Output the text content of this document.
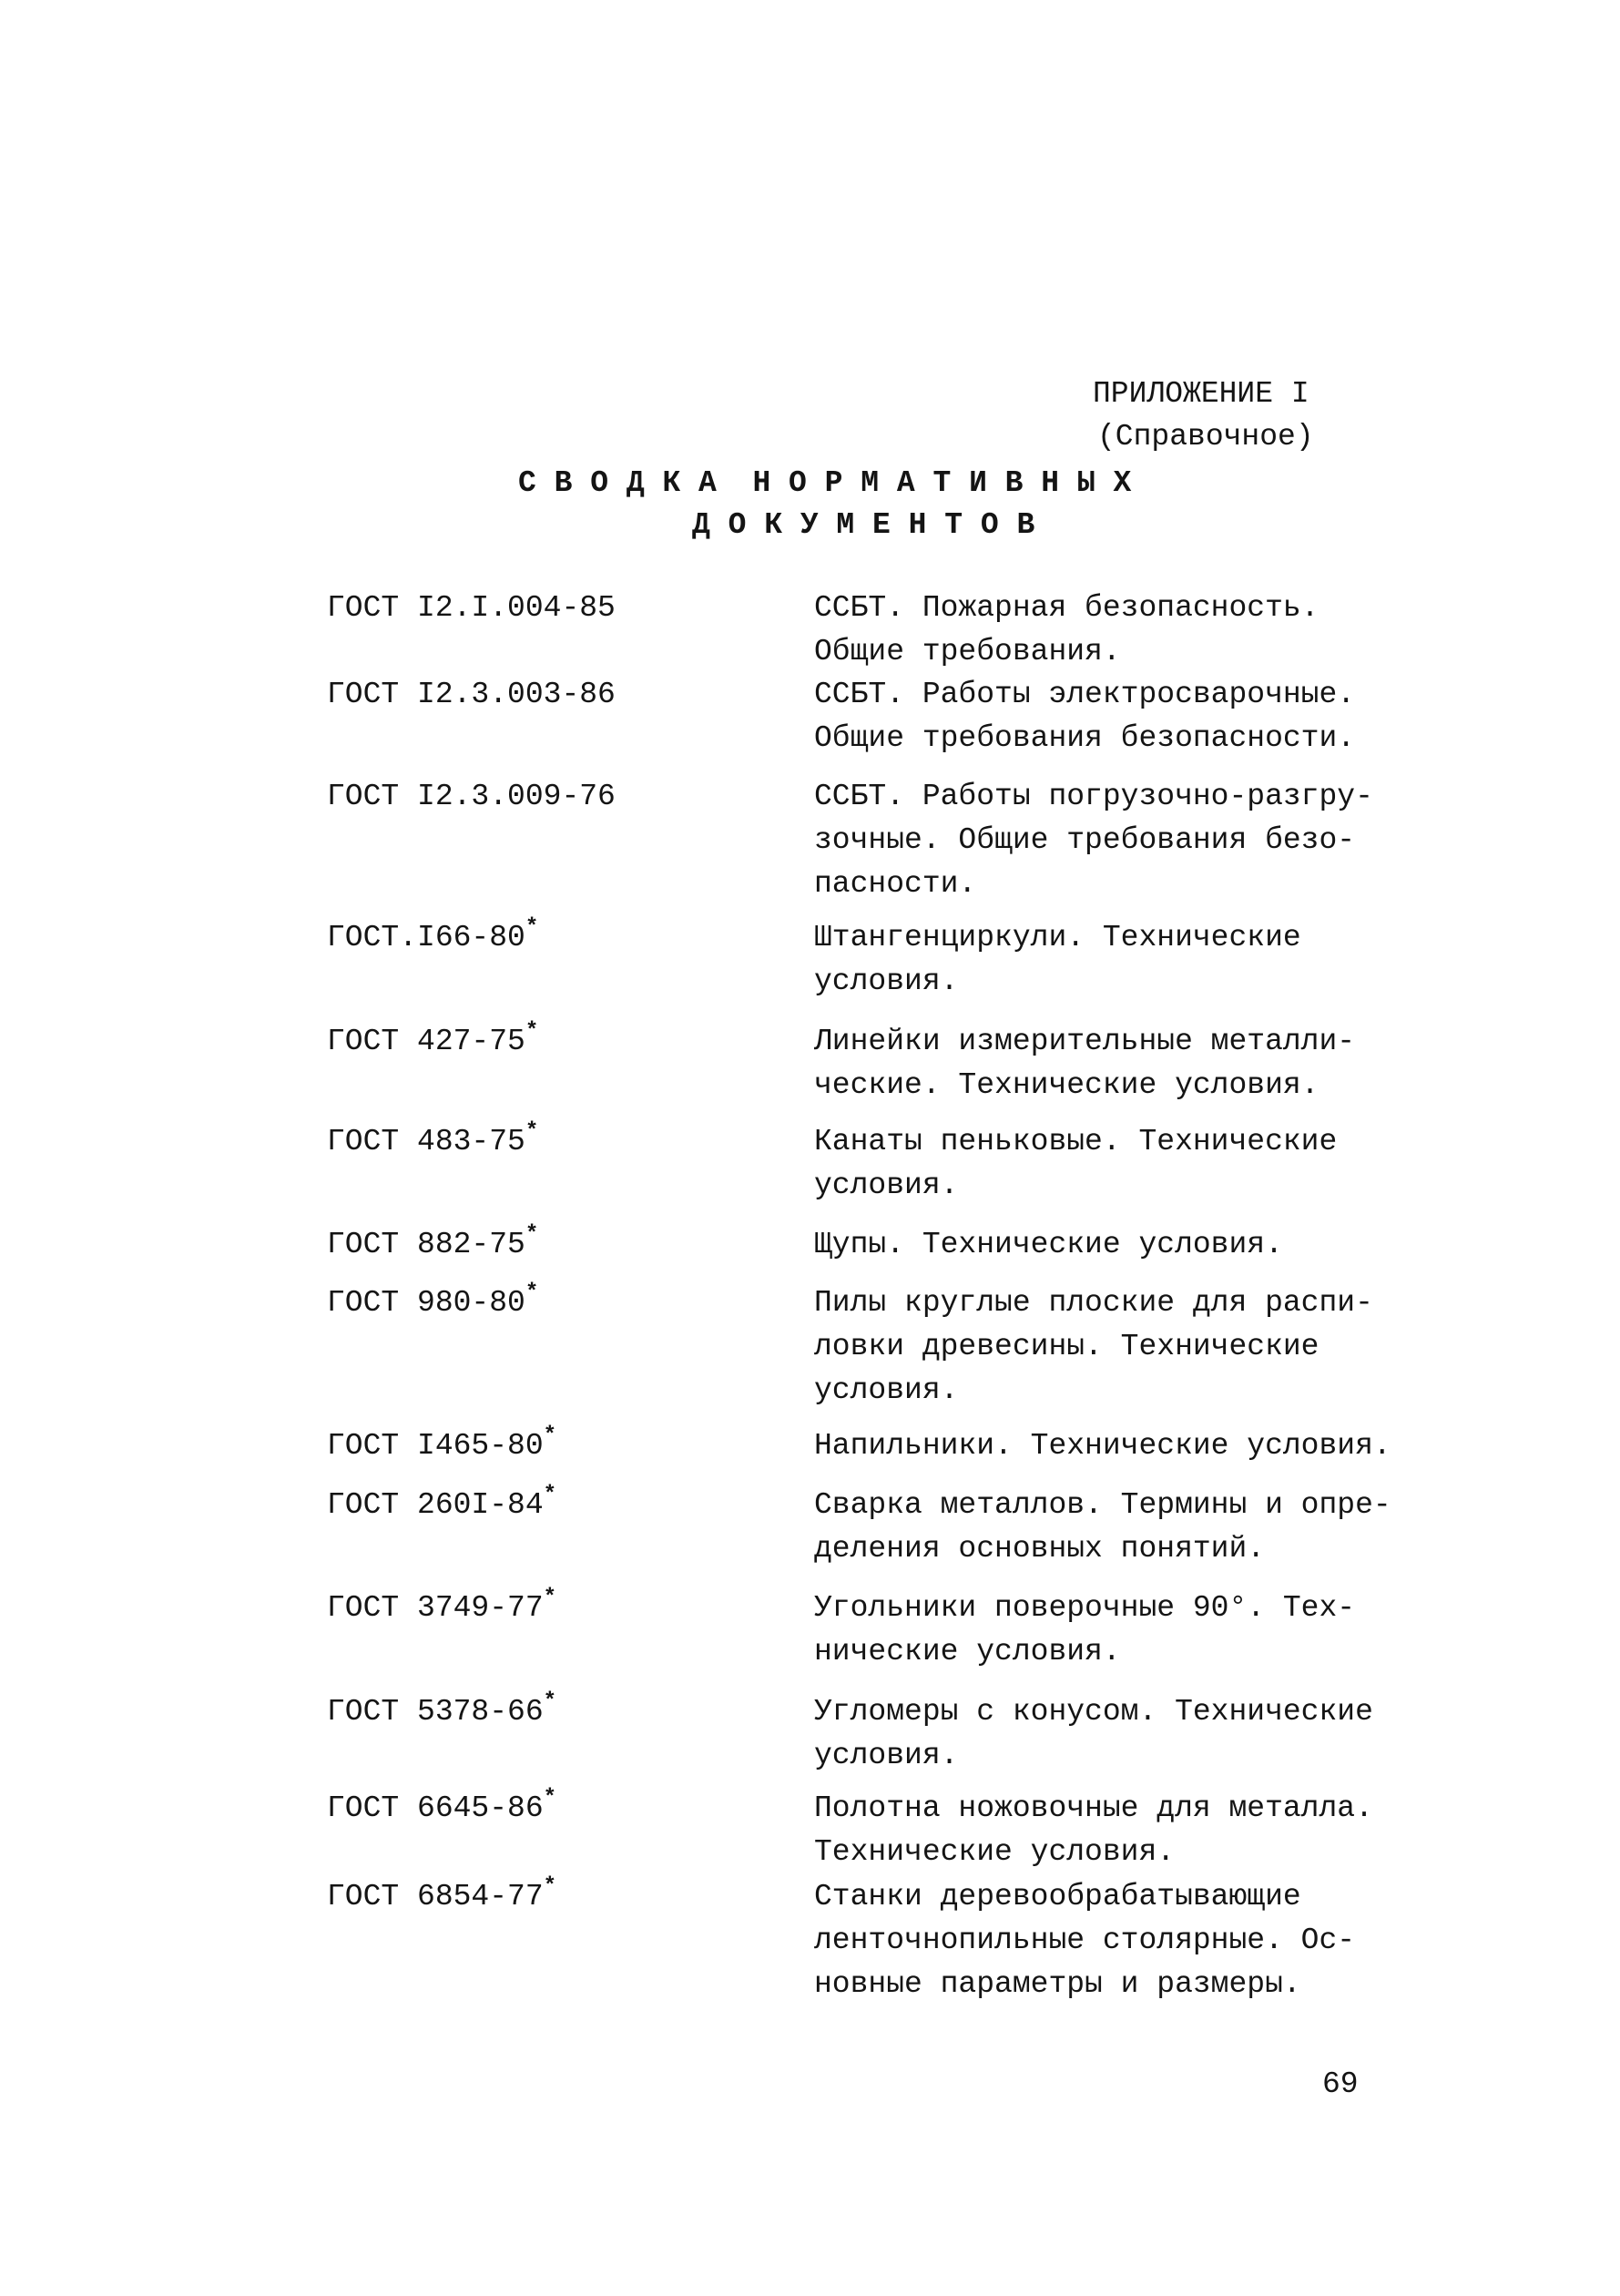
ПРИЛОЖЕНИЕ I
(Справочное)
С В О Д К А  Н О Р М А Т И В Н Ы Х
Д О К У М Е Н Т О В
ГОСТ I2.I.004-85	ССБТ. Пожарная безопасность.
Общие требования.
ГОСТ I2.3.003-86	ССБТ. Работы электросварочные.
Общие требования безопасности.
ГОСТ I2.3.009-76	ССБТ. Работы погрузочно-разгру-
зочные. Общие требования безо-
пасности.
ГОСТ.I66-80*	Штангенциркули. Технические
условия.
ГОСТ 427-75*	Линейки измерительные металли-
ческие. Технические условия.
ГОСТ 483-75*	Канаты пеньковые. Технические
условия.
ГОСТ 882-75*	Щупы. Технические условия.
ГОСТ 980-80*	Пилы круглые плоские для распи-
ловки древесины. Технические
условия.
ГОСТ I465-80*	Напильники. Технические условия.
ГОСТ 260I-84*	Сварка металлов. Термины и опре-
деления основных понятий.
ГОСТ 3749-77*	Угольники поверочные 90°. Тех-
нические условия.
ГОСТ 5378-66*	Угломеры с конусом. Технические
условия.
ГОСТ 6645-86*	Полотна ножовочные для металла.
Технические условия.
ГОСТ 6854-77*	Станки деревообрабатывающие
ленточнопильные столярные. Ос-
новные параметры и размеры.
69
